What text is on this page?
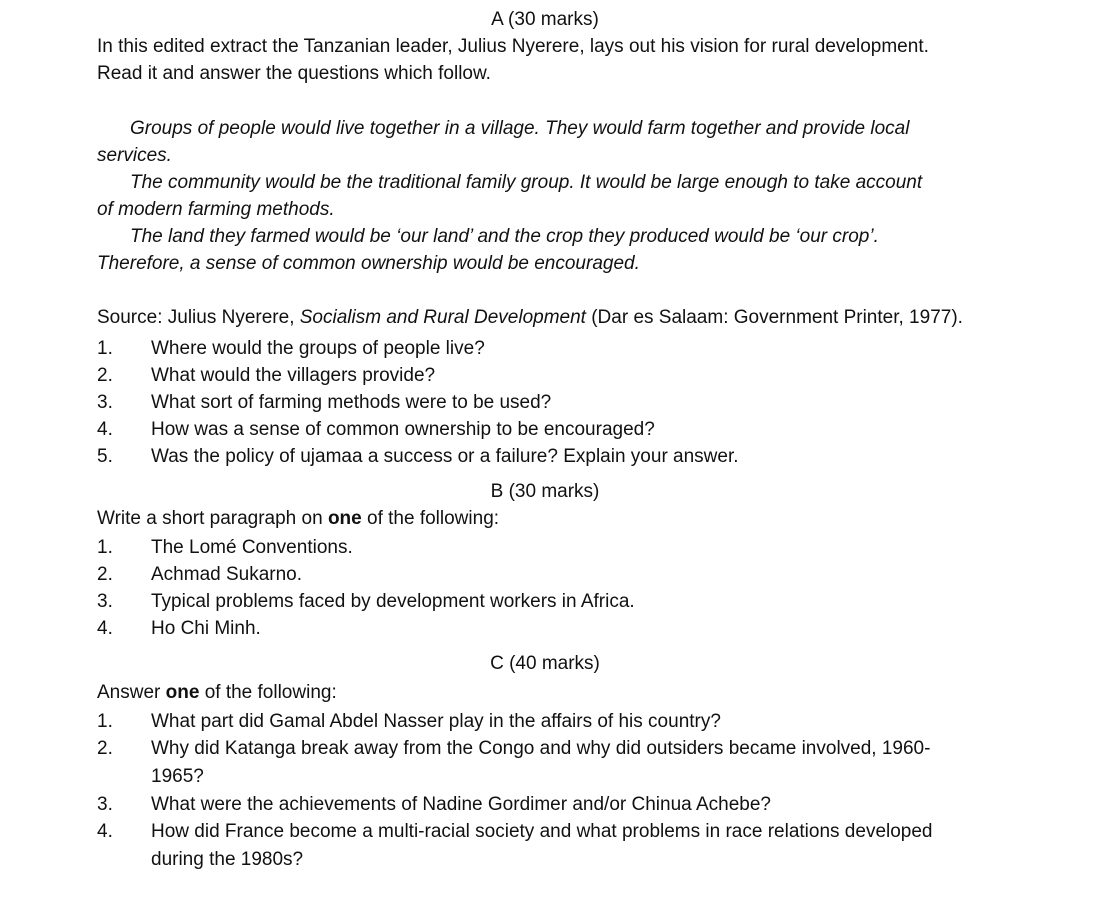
A (30 marks)

In this edited extract the Tanzanian leader, Julius Nyerere, lays out his vision for rural development.
Read it and answer the questions which follow.

Groups of people would live together in a village. They would farm together and provide local
services.

The community would be the traditional family group. It would be large enough to take account
of modern farming methods.

The land they farmed would be ‘our land’ and the crop they produced would be ‘our crop’.
Therefore, a sense of common ownership would be encouraged.

Source: Julius Nyerere, Socialism and Rural Development (Dar es Salaam: Government Printer, 1977).

1. Where would the groups of people live?
2. What would the villagers provide?
3. What sort of farming methods were to be used?
4. How was a sense of common ownership to be encouraged?
5. Was the policy of ujamaa a success or a failure? Explain your answer.
B (30 marks)

Write a short paragraph on one of the following:

1. The Lomé Conventions.
2. Achmad Sukarno.
3. Typical problems faced by development workers in Africa.
4. Ho Chi Minh.
C (40 marks)

Answer one of the following:

1. What part did Gamal Abdel Nasser play in the affairs of his country?
2. Why did Katanga break away from the Congo and why did outsiders became involved, 1960-
1965?
3. What were the achievements of Nadine Gordimer and/or Chinua Achebe?
4. How did France become a multi-racial society and what problems in race relations developed
during the 1980s?
